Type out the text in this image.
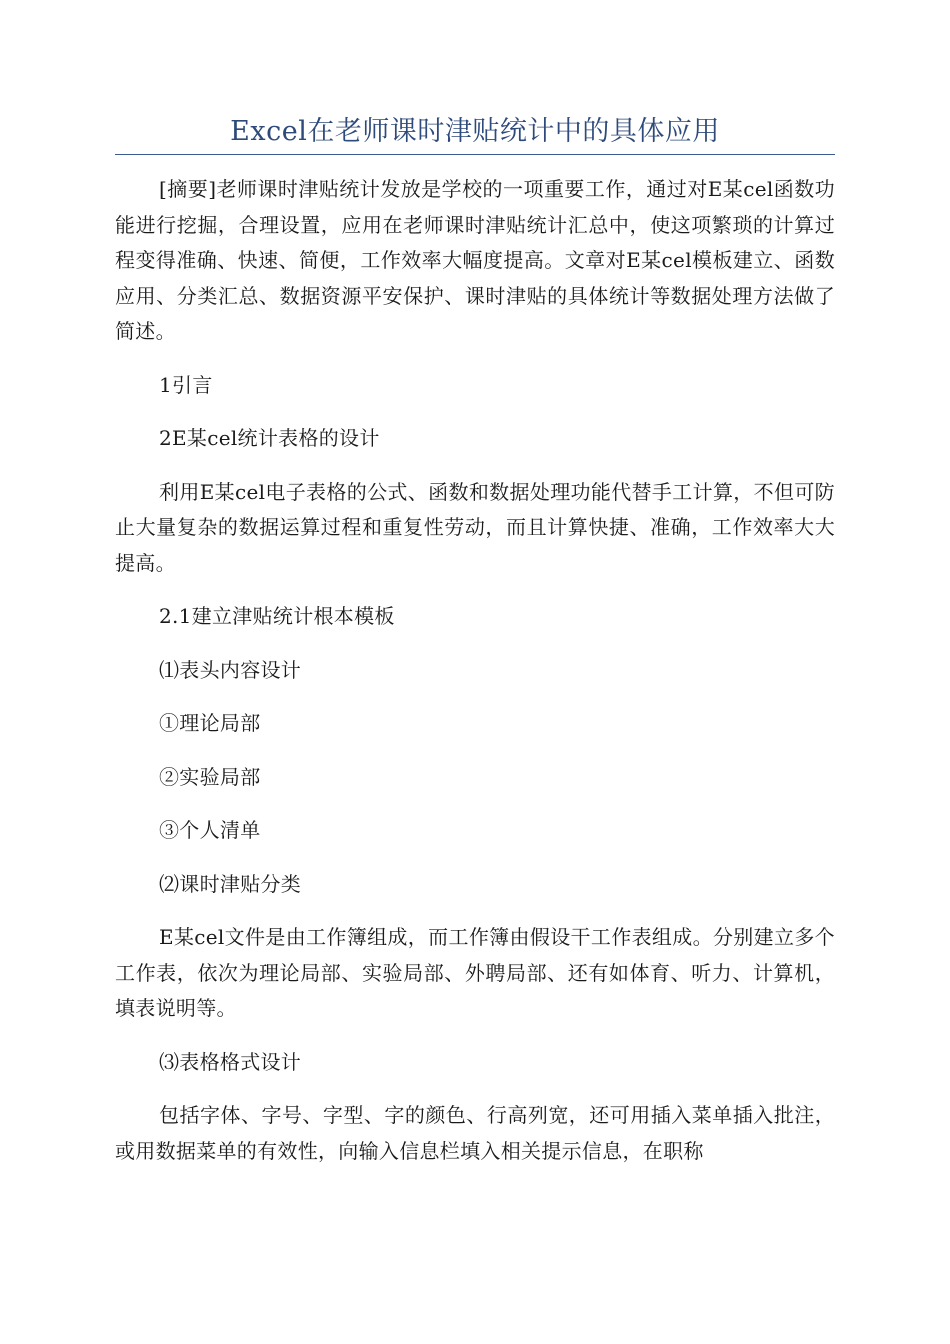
Excel在老师课时津贴统计中的具体应用

[摘要]老师课时津贴统计发放是学校的一项重要工作，通过对E某cel函数功能进行挖掘，合理设置，应用在老师课时津贴统计汇总中，使这项繁琐的计算过程变得准确、快速、简便，工作效率大幅度提高。文章对E某cel模板建立、函数应用、分类汇总、数据资源平安保护、课时津贴的具体统计等数据处理方法做了简述。

1引言

2E某cel统计表格的设计

利用E某cel电子表格的公式、函数和数据处理功能代替手工计算，不但可防止大量复杂的数据运算过程和重复性劳动，而且计算快捷、准确，工作效率大大提高。

2.1建立津贴统计根本模板

⑴表头内容设计

①理论局部

②实验局部

③个人清单

⑵课时津贴分类

E某cel文件是由工作簿组成，而工作簿由假设干工作表组成。分别建立多个工作表，依次为理论局部、实验局部、外聘局部、还有如体育、听力、计算机，填表说明等。

⑶表格格式设计

包括字体、字号、字型、字的颜色、行高列宽，还可用插入菜单插入批注，或用数据菜单的有效性，向输入信息栏填入相关提示信息，在职称
